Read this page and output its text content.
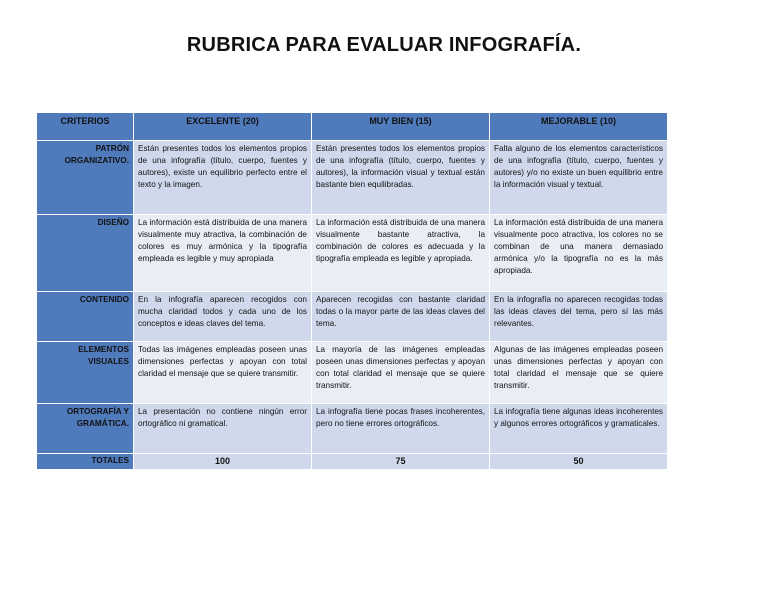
RUBRICA PARA EVALUAR INFOGRAFÍA.
CRITERIOS	EXCELENTE (20)	MUY BIEN (15)	MEJORABLE (10)
PATRÓN ORGANIZATIVO.	Están presentes todos los elementos propios de una infografía (título, cuerpo, fuentes y autores), existe un equilibrio perfecto entre el texto y la imagen.	Están presentes todos los elementos propios de una infografía (título, cuerpo, fuentes y autores), la información visual y textual están bastante bien equilibradas.	Falta alguno de los elementos característicos de una infografía (título, cuerpo, fuentes y autores) y/o no existe un buen equilibrio entre la información visual y textual.
DISEÑO	La información está distribuida de una manera visualmente muy atractiva, la combinación de colores es muy armónica y la tipografía empleada es legible y muy apropiada	La información está distribuida de una manera visualmente bastante atractiva, la combinación de colores es adecuada y la tipografía empleada es legible y apropiada.	La información está distribuida de una manera visualmente poco atractiva, los colores no se combinan de una manera demasiado armónica y/o la tipografía no es la más apropiada.
CONTENIDO	En la infografía aparecen recogidos con mucha claridad todos y cada uno de los conceptos e ideas claves del tema.	Aparecen recogidas con bastante claridad todas o la mayor parte de las ideas claves del tema.	En la infografía no aparecen recogidas todas las ideas claves del tema, pero sí las más relevantes.
ELEMENTOS VISUALES	Todas las imágenes empleadas poseen unas dimensiones perfectas y apoyan con total claridad el mensaje que se quiere transmitir.	La mayoría de las imágenes empleadas poseen unas dimensiones perfectas y apoyan con total claridad el mensaje que se quiere transmitir.	Algunas de las imágenes empleadas poseen unas dimensiones perfectas y apoyan con total claridad el mensaje que se quiere transmitir.
ORTOGRAFÍA Y GRAMÁTICA.	La presentación no contiene ningún error ortográfico ni gramatical.	La infografía tiene pocas frases incoherentes, pero no tiene errores ortográficos.	La infografía tiene algunas ideas incoherentes y algunos errores ortográficos y gramaticales.
TOTALES	100	75	50
